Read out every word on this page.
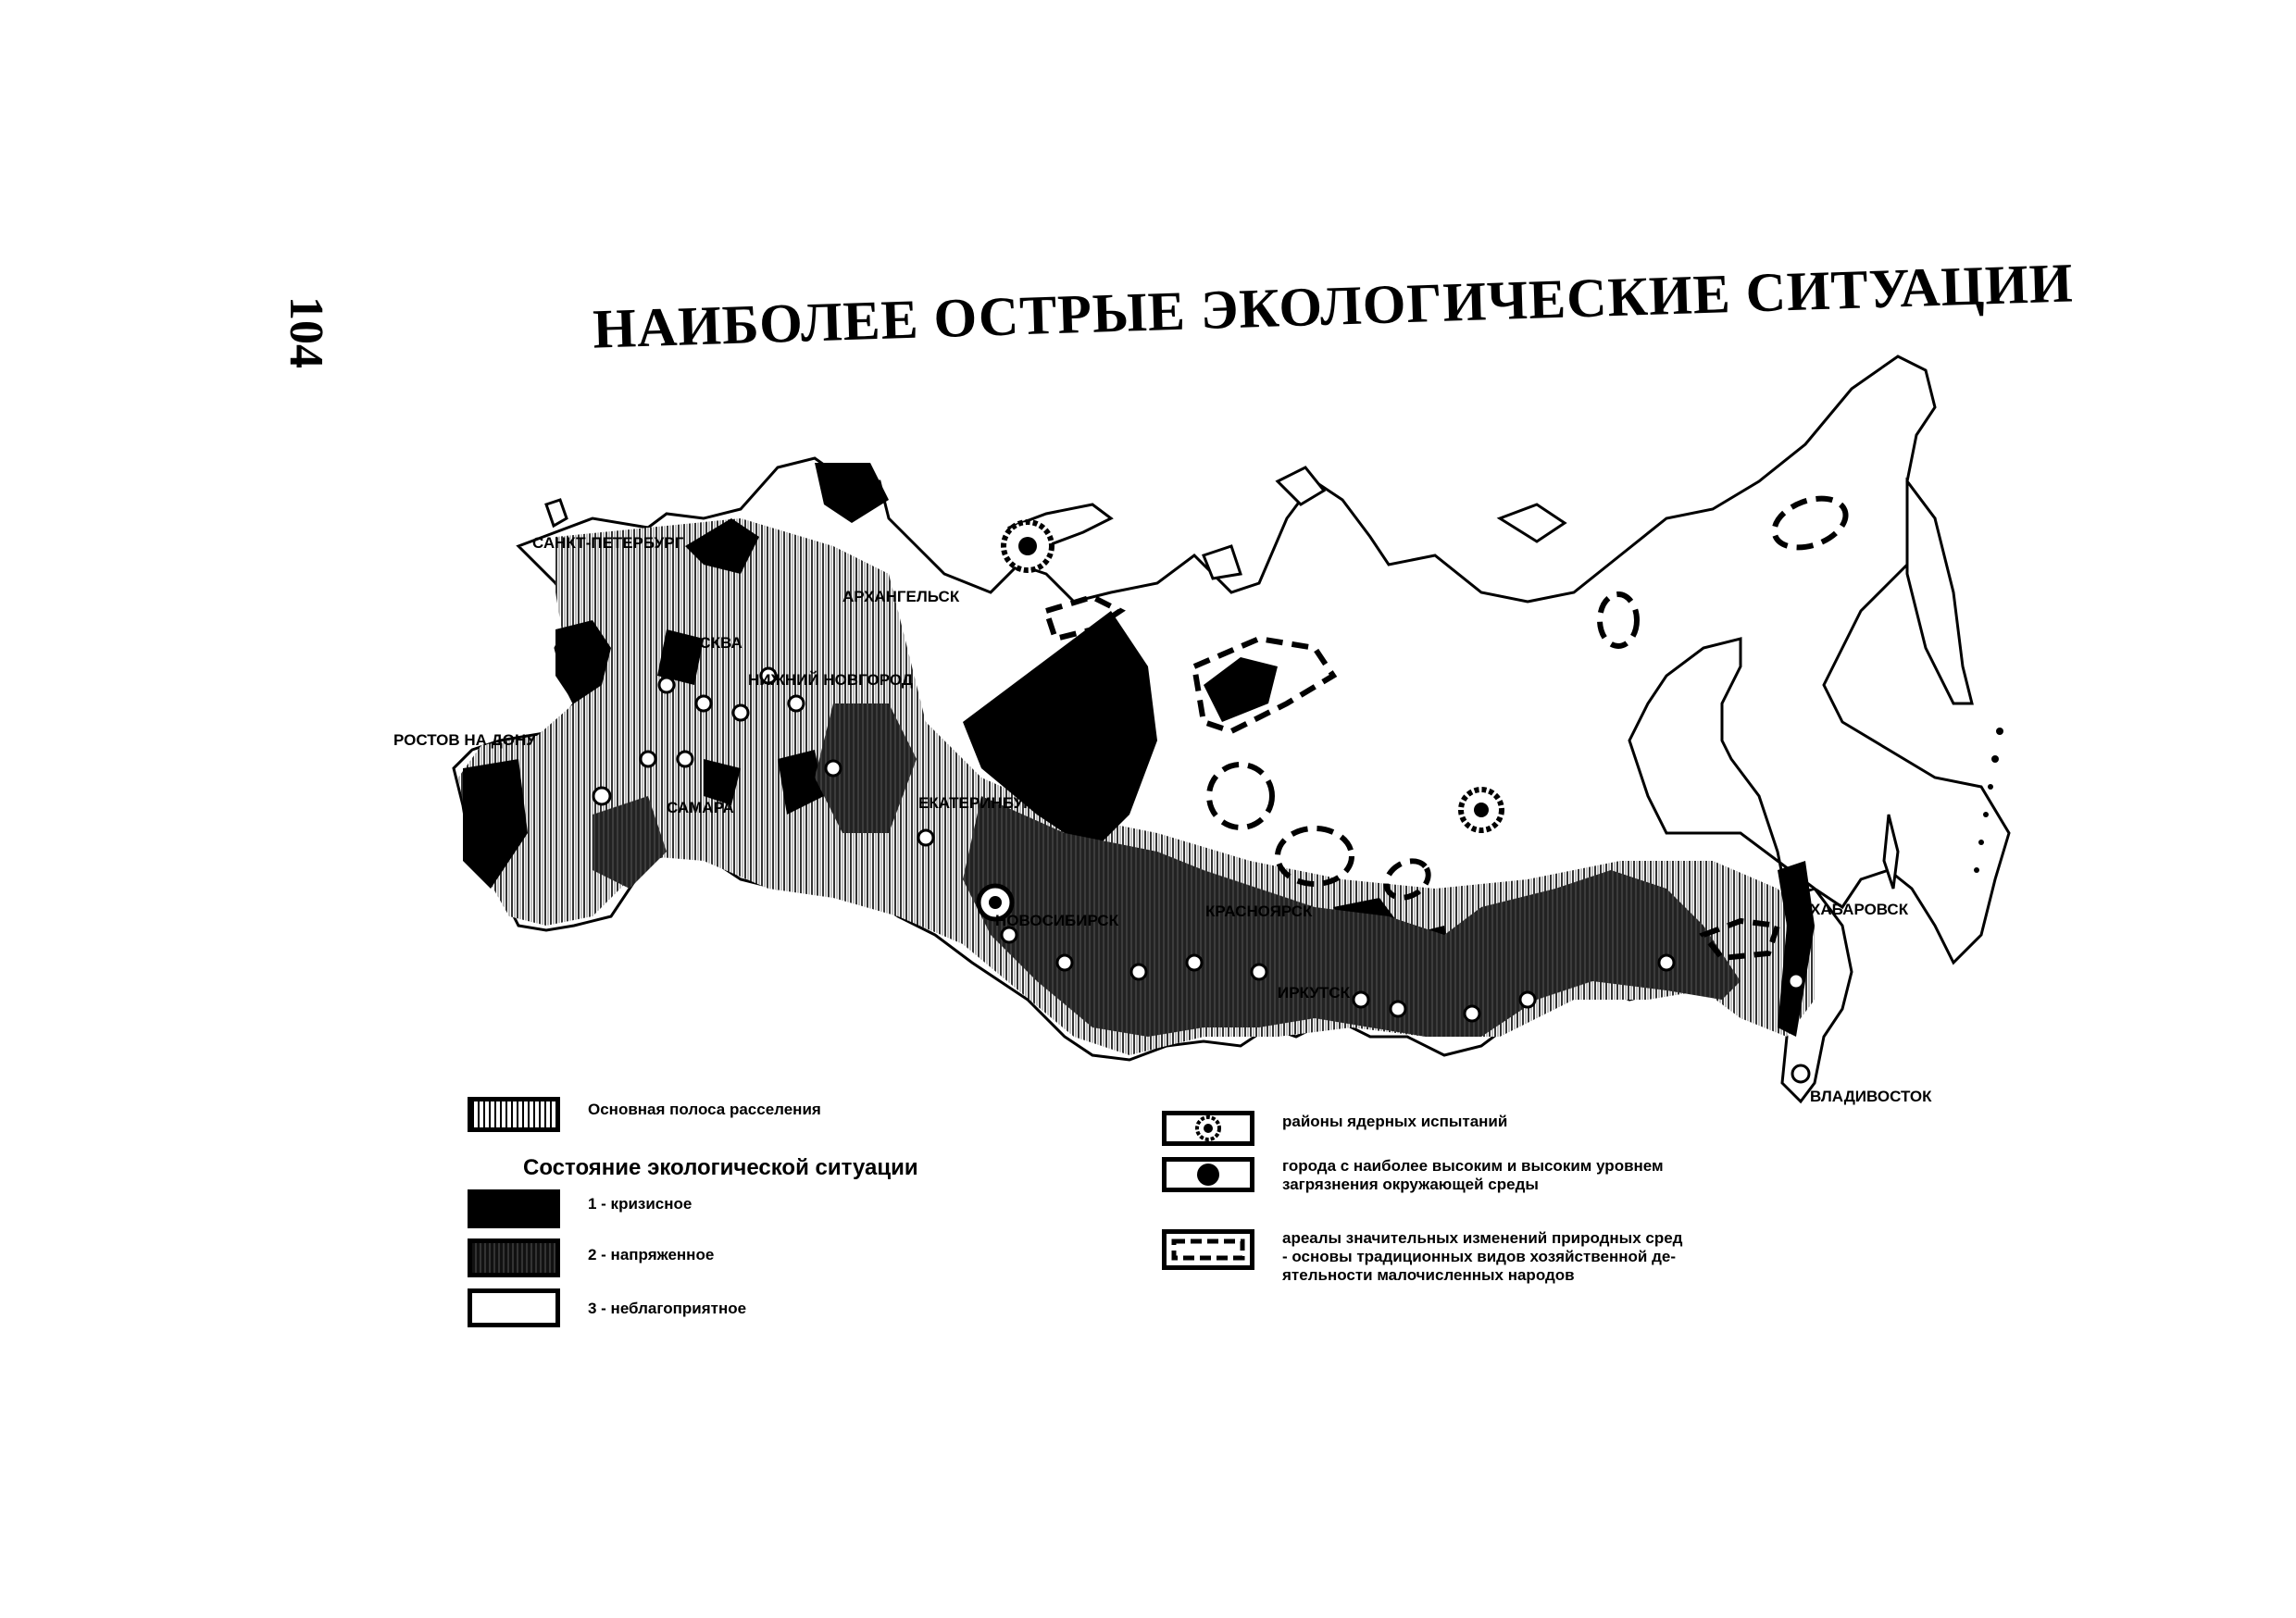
104	НАИБОЛЕЕ ОСТРЫЕ ЭКОЛОГИЧЕСКИЕ СИТУАЦИИ
САНКТ-ПЕТЕРБУРГ
АРХАНГЕЛЬСК
МОСКВА
НИЖНИЙ НОВГОРОД
РОСТОВ НА ДОНУ
САМАРА	ЕКАТЕРИНБУРГ
НОВОСИБИРСК
КРАСНОЯРСК
ИРКУТСК
ХАБАРОВСК
ВЛАДИВОСТОК
Основная полоса расселения
Состояние экологической ситуации
1 - кризисное
2 - напряженное
3 - неблагоприятное
районы ядерных испытаний
города с наиболее высоким и высоким уровнем
загрязнения окружающей среды
ареалы значительных изменений природных сред
- основы традиционных видов хозяйственной де-
ятельности малочисленных народов
